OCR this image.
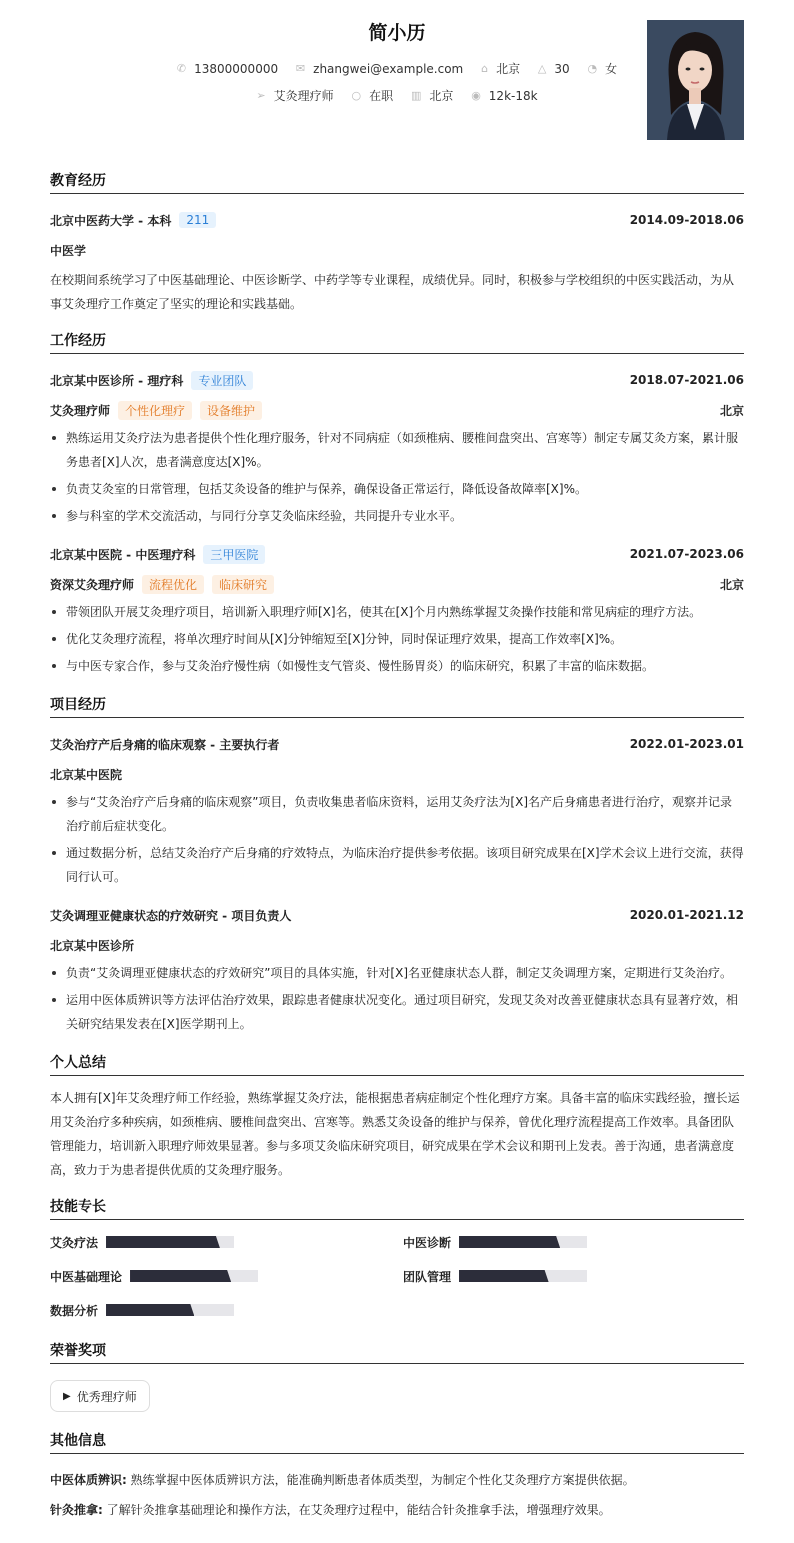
简小历
✆ 13800000000
✉ zhangwei@example.com
⌂ 北京
△ 30
◔ 女
➢ 艾灸理疗师
○ 在职
▥ 北京
◉ 12k-18k
教育经历
北京中医药大学 - 本科	211	2014.09-2018.06
中医学

在校期间系统学习了中医基础理论、中医诊断学、中药学等专业课程，成绩优异。同时，积极参与学校组织的中医实践活动，为从事艾灸理疗工作奠定了坚实的理论和实践基础。

工作经历
北京某中医诊所 - 理疗科	专业团队	2018.07-2021.06
艾灸理疗师	个性化理疗	设备维护	北京
熟练运用艾灸疗法为患者提供个性化理疗服务，针对不同病症（如颈椎病、腰椎间盘突出、宫寒等）制定专属艾灸方案，累计服务患者[X]人次，患者满意度达[X]%。
负责艾灸室的日常管理，包括艾灸设备的维护与保养，确保设备正常运行，降低设备故障率[X]%。
参与科室的学术交流活动，与同行分享艾灸临床经验，共同提升专业水平。
北京某中医院 - 中医理疗科	三甲医院	2021.07-2023.06
资深艾灸理疗师	流程优化	临床研究	北京
带领团队开展艾灸理疗项目，培训新入职理疗师[X]名，使其在[X]个月内熟练掌握艾灸操作技能和常见病症的理疗方法。
优化艾灸理疗流程，将单次理疗时间从[X]分钟缩短至[X]分钟，同时保证理疗效果，提高工作效率[X]%。
与中医专家合作，参与艾灸治疗慢性病（如慢性支气管炎、慢性肠胃炎）的临床研究，积累了丰富的临床数据。
项目经历
艾灸治疗产后身痛的临床观察 - 主要执行者	2022.01-2023.01
北京某中医院
参与“艾灸治疗产后身痛的临床观察”项目，负责收集患者临床资料，运用艾灸疗法为[X]名产后身痛患者进行治疗，观察并记录治疗前后症状变化。
通过数据分析，总结艾灸治疗产后身痛的疗效特点，为临床治疗提供参考依据。该项目研究成果在[X]学术会议上进行交流，获得同行认可。
艾灸调理亚健康状态的疗效研究 - 项目负责人	2020.01-2021.12
北京某中医诊所
负责“艾灸调理亚健康状态的疗效研究”项目的具体实施，针对[X]名亚健康状态人群，制定艾灸调理方案，定期进行艾灸治疗。
运用中医体质辨识等方法评估治疗效果，跟踪患者健康状况变化。通过项目研究，发现艾灸对改善亚健康状态具有显著疗效，相关研究结果发表在[X]医学期刊上。
个人总结

本人拥有[X]年艾灸理疗师工作经验，熟练掌握艾灸疗法，能根据患者病症制定个性化理疗方案。具备丰富的临床实践经验，擅长运用艾灸治疗多种疾病，如颈椎病、腰椎间盘突出、宫寒等。熟悉艾灸设备的维护与保养，曾优化理疗流程提高工作效率。具备团队管理能力，培训新入职理疗师效果显著。参与多项艾灸临床研究项目，研究成果在学术会议和期刊上发表。善于沟通，患者满意度高，致力于为患者提供优质的艾灸理疗服务。

技能专长
艾灸疗法	中医诊断
中医基础理论	团队管理
数据分析
荣誉奖项
▶ 优秀理疗师
其他信息
中医体质辨识: 熟练掌握中医体质辨识方法，能准确判断患者体质类型，为制定个性化艾灸理疗方案提供依据。
针灸推拿: 了解针灸推拿基础理论和操作方法，在艾灸理疗过程中，能结合针灸推拿手法，增强理疗效果。
